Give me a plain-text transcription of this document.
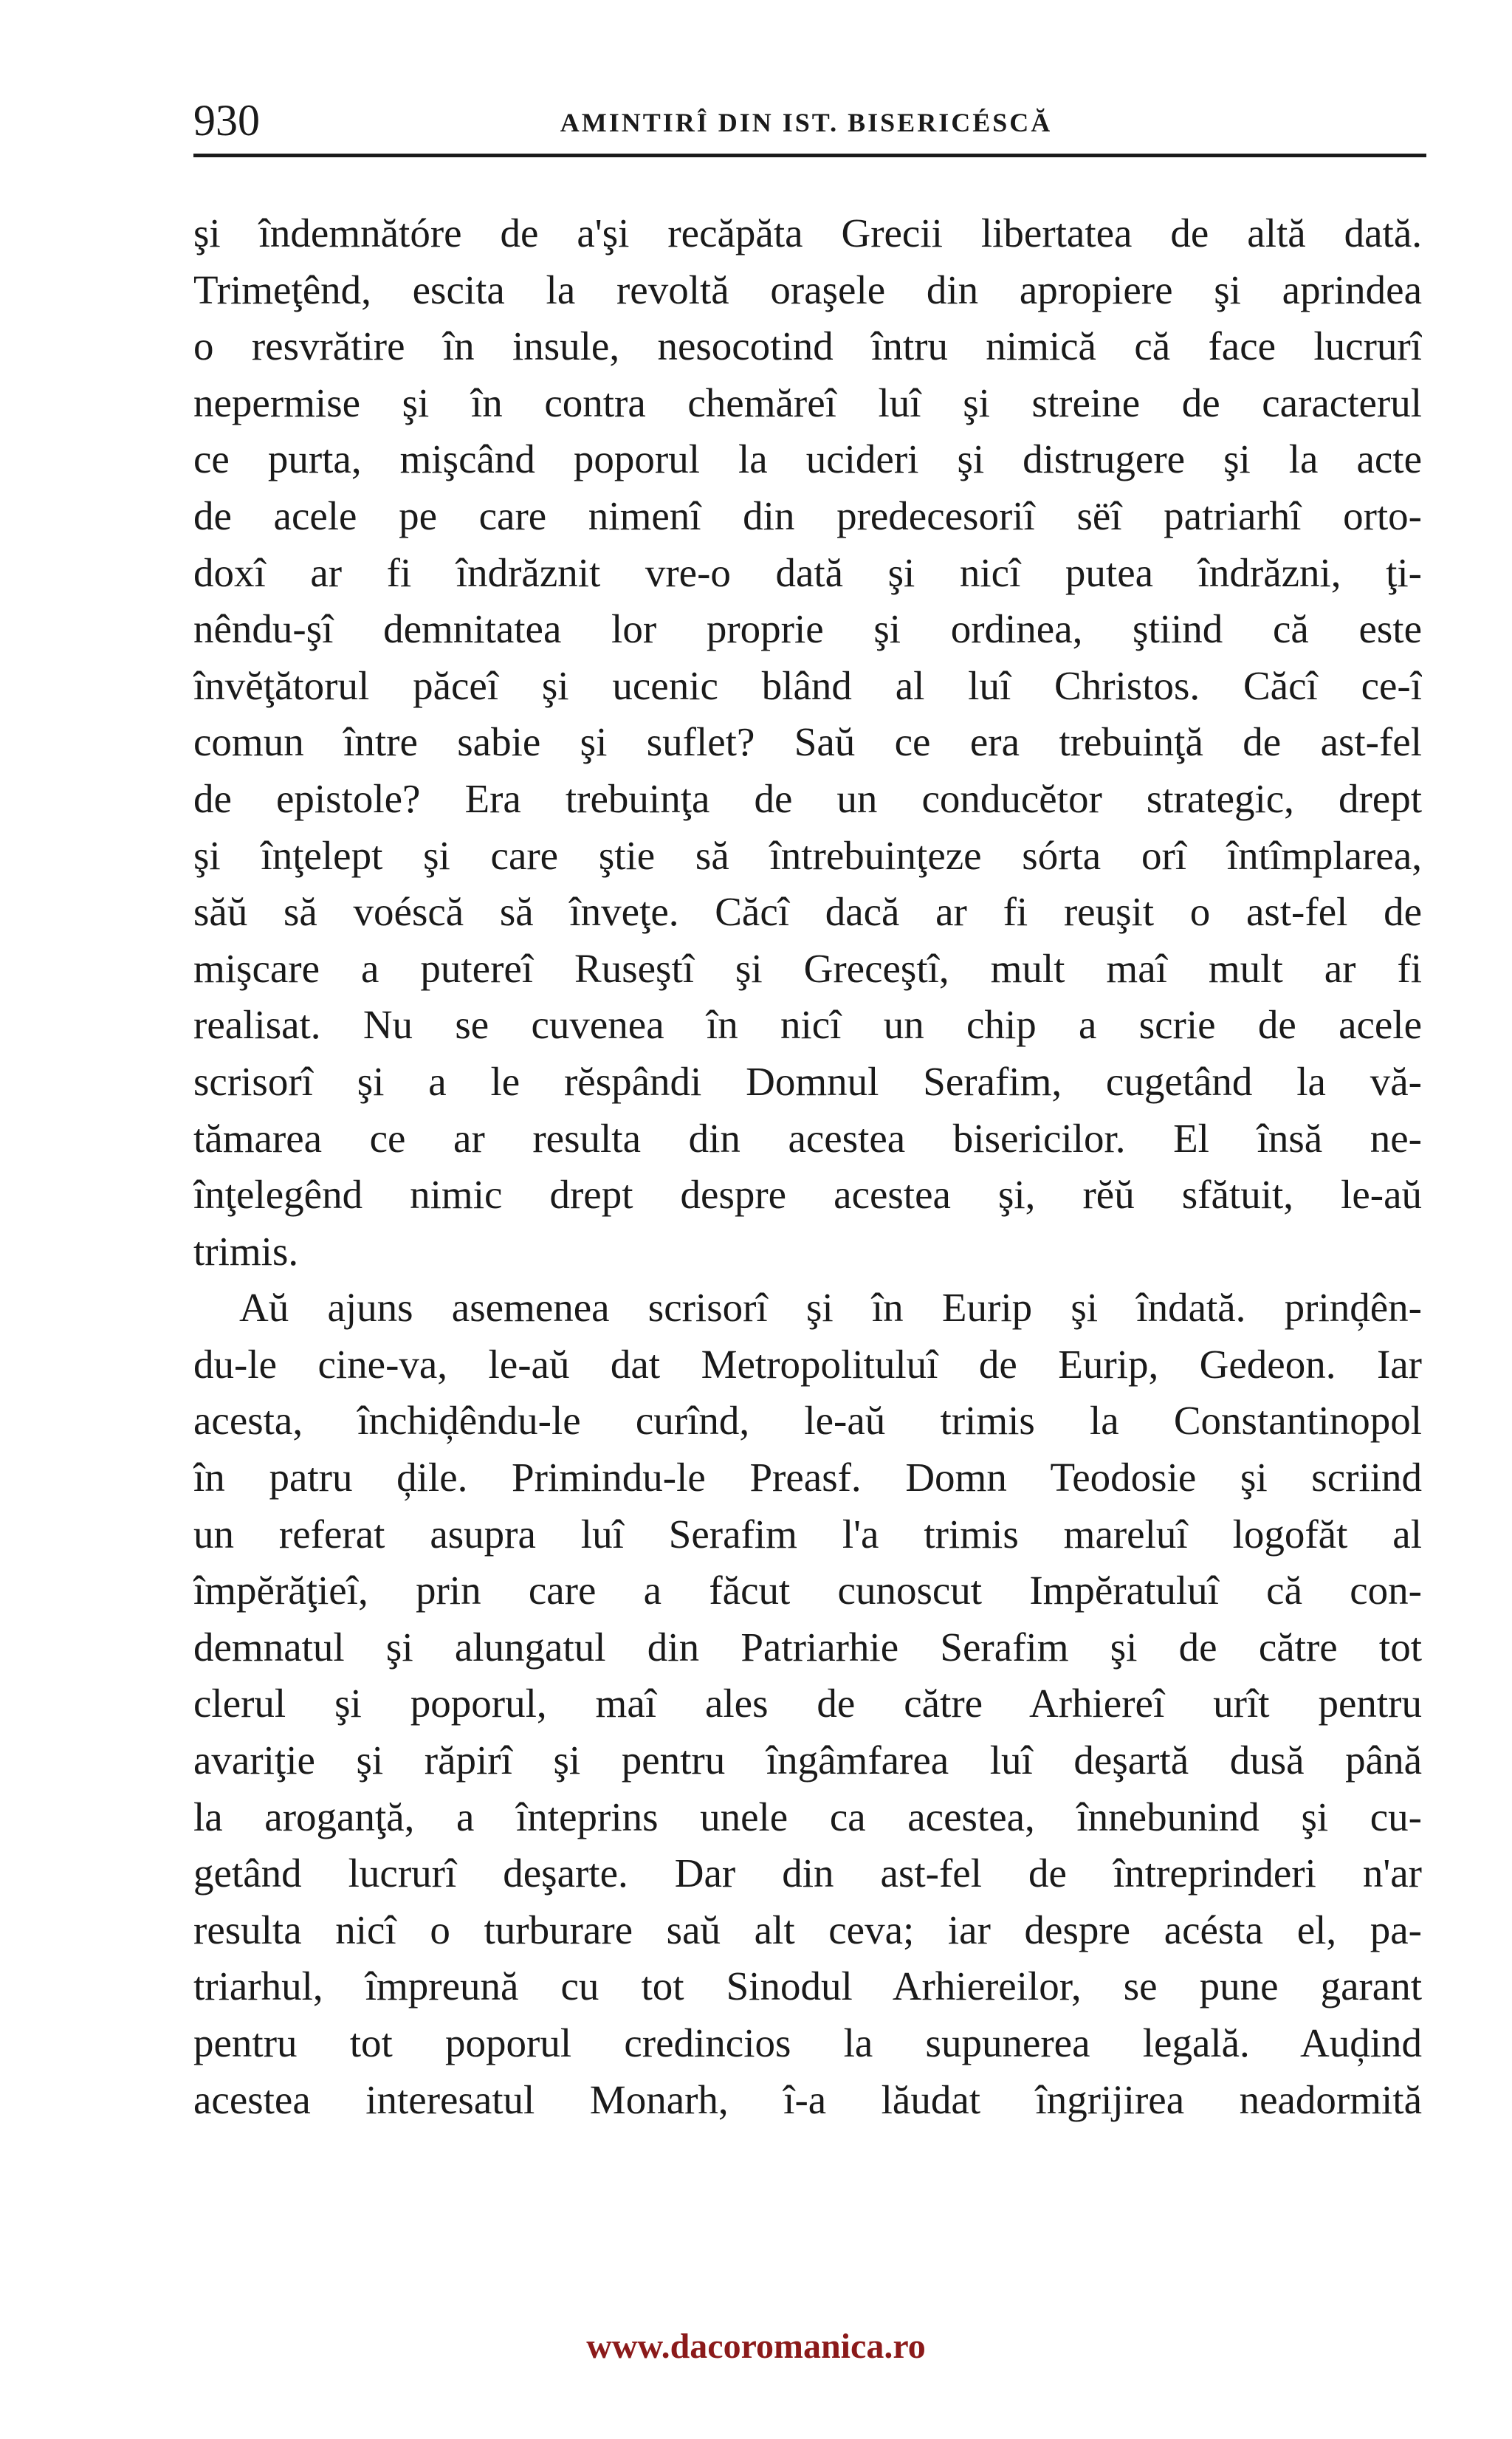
930	AMINTIRÎ DIN IST. BISERICÉSCĂ
şi îndemnătóre de a'şi recăpăta Grecii libertatea de altă dată.
Trimeţênd, escita la revoltă oraşele din apropiere şi aprindea
o resvrătire în insule, nesocotind întru nimică că face lucrurî
nepermise şi în contra chemăreî luî şi streine de caracterul
ce purta, mişcând poporul la ucideri şi distrugere şi la acte
de acele pe care nimenî din predecesoriî sëî patriarhî orto-
doxî ar fi îndrăznit vre-o dată şi nicî putea îndrăzni, ţi-
nêndu-şî demnitatea lor proprie şi ordinea, ştiind că este
învĕţătorul păceî şi ucenic blând al luî Christos. Căcî ce-î
comun între sabie şi suflet? Saŭ ce era trebuinţă de ast-fel
de epistole? Era trebuinţa de un conducĕtor strategic, drept
şi înţelept şi care ştie să întrebuinţeze sórta orî întîmplarea,
săŭ să voéscă să înveţe. Căcî dacă ar fi reuşit o ast-fel de
mişcare a putereî Ruseştî şi Greceştî, mult maî mult ar fi
realisat. Nu se cuvenea în nicî un chip a scrie de acele
scrisorî şi a le rĕspândi Domnul Serafim, cugetând la vă-
tămarea ce ar resulta din acestea bisericilor. El însă ne-
înţelegênd nimic drept despre acestea şi, rĕŭ sfătuit, le-aŭ
trimis.
Aŭ ajuns asemenea scrisorî şi în Eurip şi îndată. prinḑên-
du-le cine-va, le-aŭ dat Metropolituluî de Eurip, Gedeon. Iar
acesta, închiḑêndu-le curînd, le-aŭ trimis la Constantinopol
în patru ḑile. Primindu-le Preasf. Domn Teodosie şi scriind
un referat asupra luî Serafim l'a trimis mareluî logofăt al
împĕrăţieî, prin care a făcut cunoscut Impĕratuluî că con-
demnatul şi alungatul din Patriarhie Serafim şi de către tot
clerul şi poporul, maî ales de către Arhiereî urît pentru
avariţie şi răpirî şi pentru îngâmfarea luî deşartă dusă până
la aroganţă, a înteprins unele ca acestea, înnebunind şi cu-
getând lucrurî deşarte. Dar din ast-fel de întreprinderi n'ar
resulta nicî o turburare saŭ alt ceva; iar despre acésta el, pa-
triarhul, împreună cu tot Sinodul Arhiereilor, se pune garant
pentru tot poporul credincios la supunerea legală. Auḑind
acestea interesatul Monarh, î-a lăudat îngrijirea neadormită
www.dacoromanica.ro
